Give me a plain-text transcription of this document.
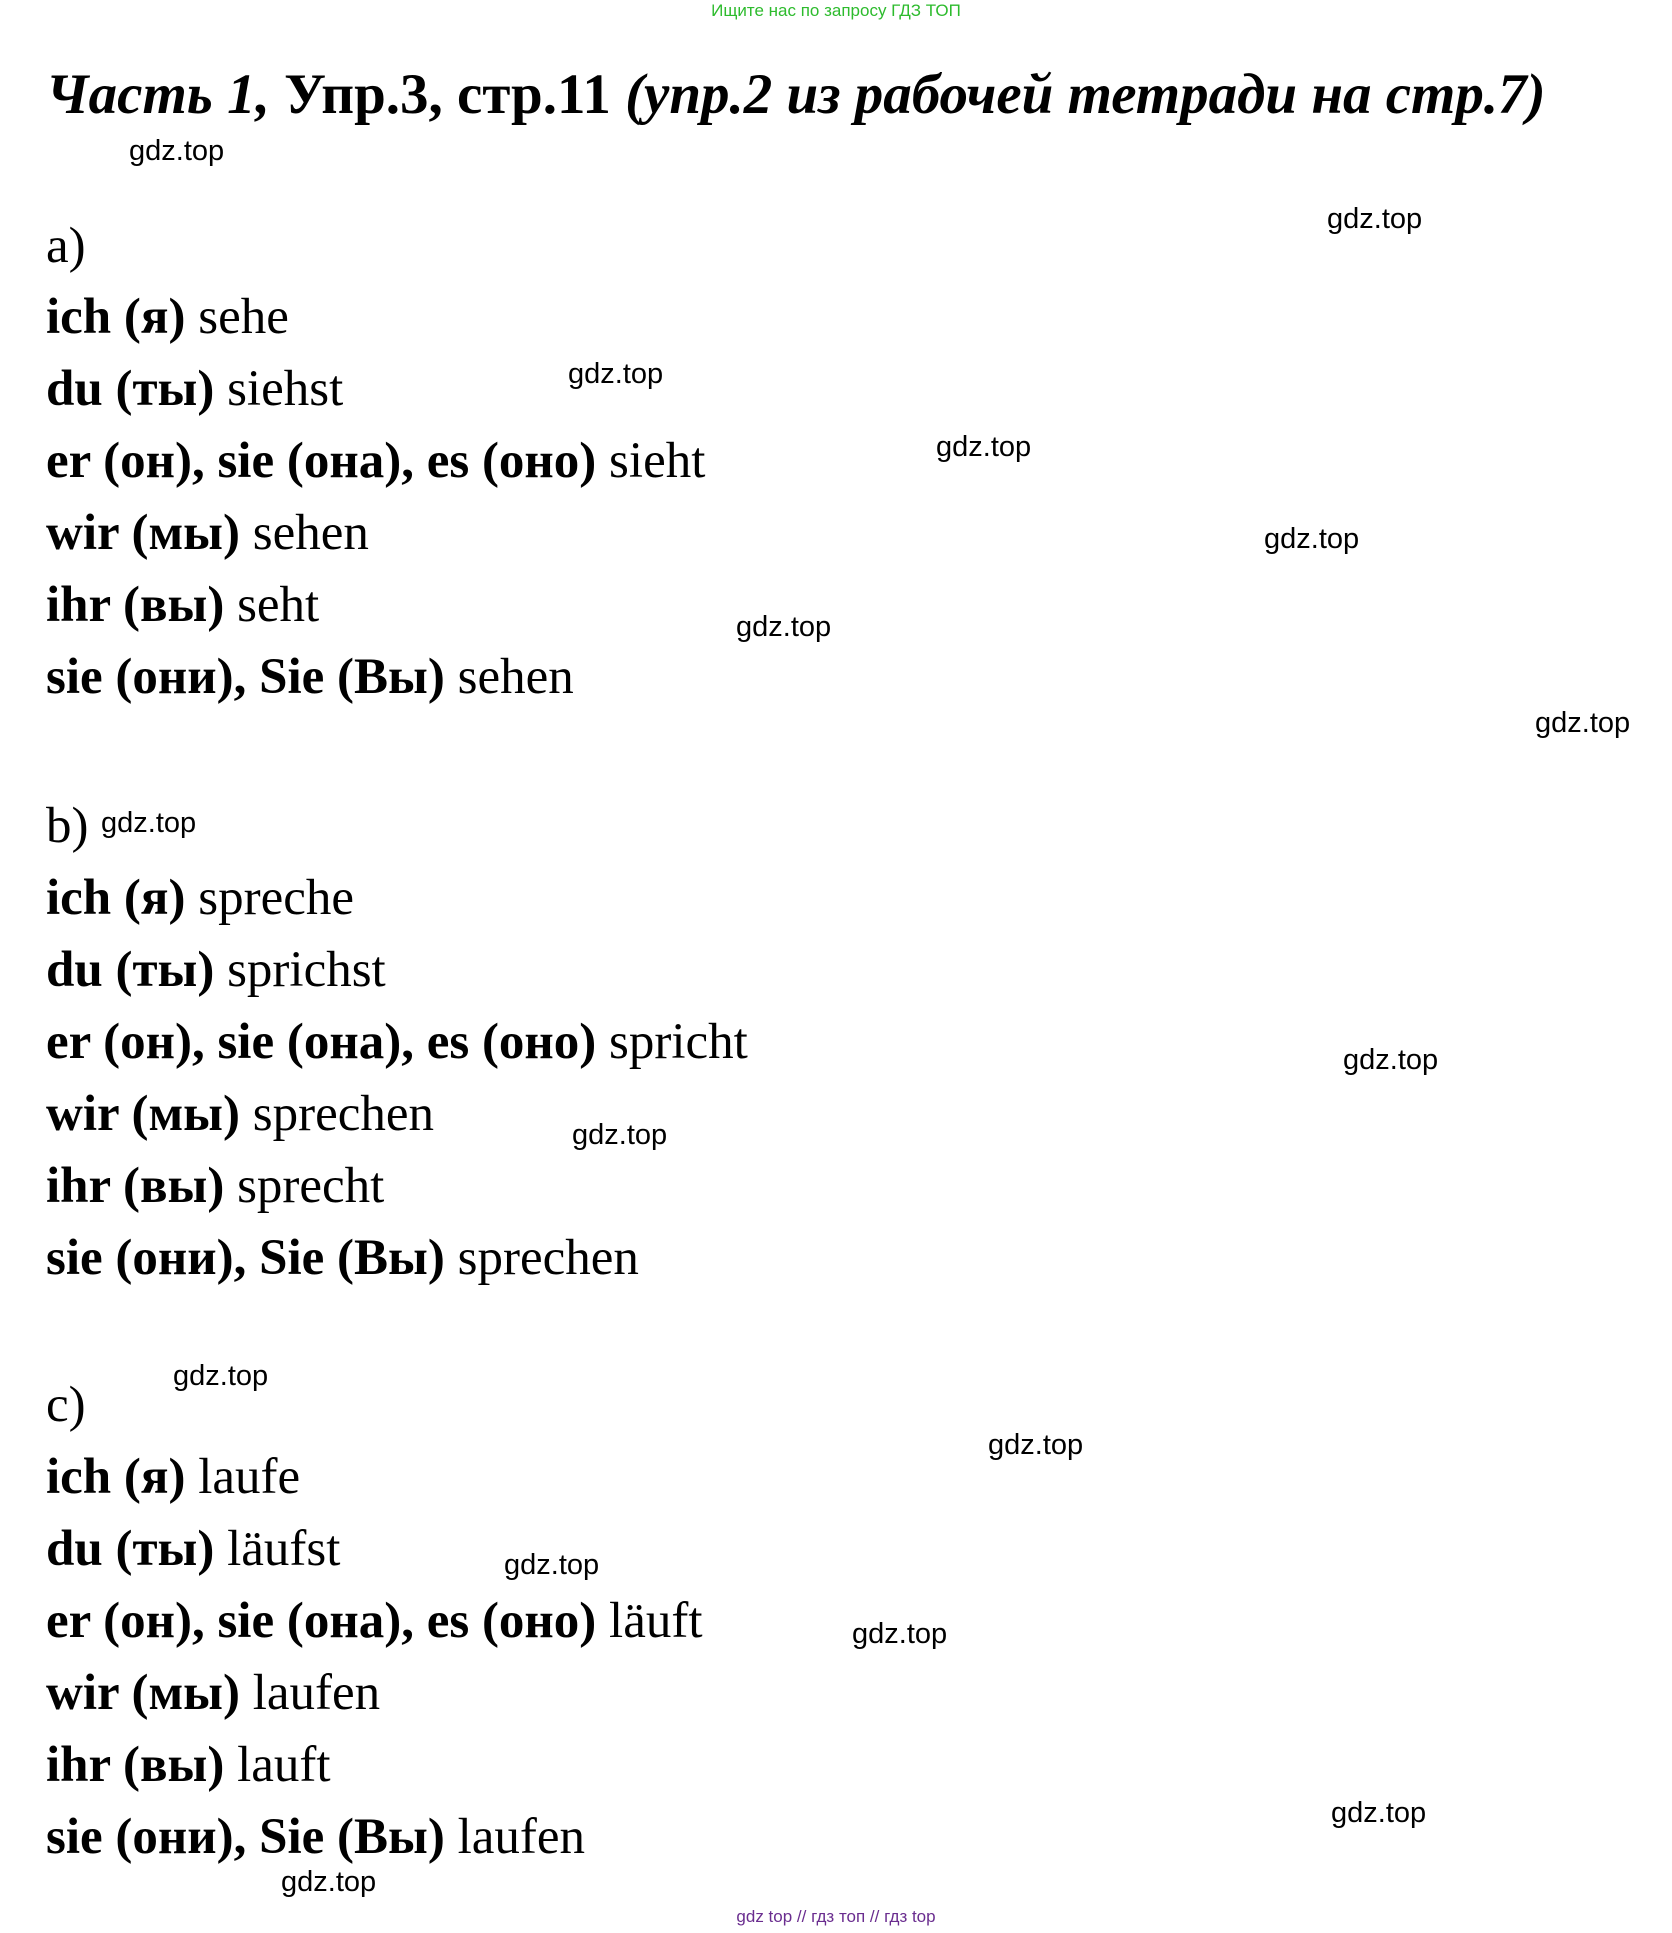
Ищите нас по запросу ГДЗ ТОП
Часть 1, Упр.3, стр.11 (упр.2 из рабочей тетради на стр.7)
a)
ich (я) sehe
du (ты) siehst
er (он), sie (она), es (оно) sieht
wir (мы) sehen
ihr (вы) seht
sie (они), Sie (Вы) sehen
b)
ich (я) spreche
du (ты) sprichst
er (он), sie (она), es (оно) spricht
wir (мы) sprechen
ihr (вы) sprecht
sie (они), Sie (Вы) sprechen
c)
ich (я) laufe
du (ты) läufst
er (он), sie (она), es (оно) läuft
wir (мы) laufen
ihr (вы) lauft
sie (они), Sie (Вы) laufen
gdz.top
gdz.top
gdz.top
gdz.top
gdz.top
gdz.top
gdz.top
gdz.top
gdz.top
gdz.top
gdz.top
gdz.top
gdz.top
gdz.top
gdz.top
gdz.top
gdz top // гдз топ // гдз top
